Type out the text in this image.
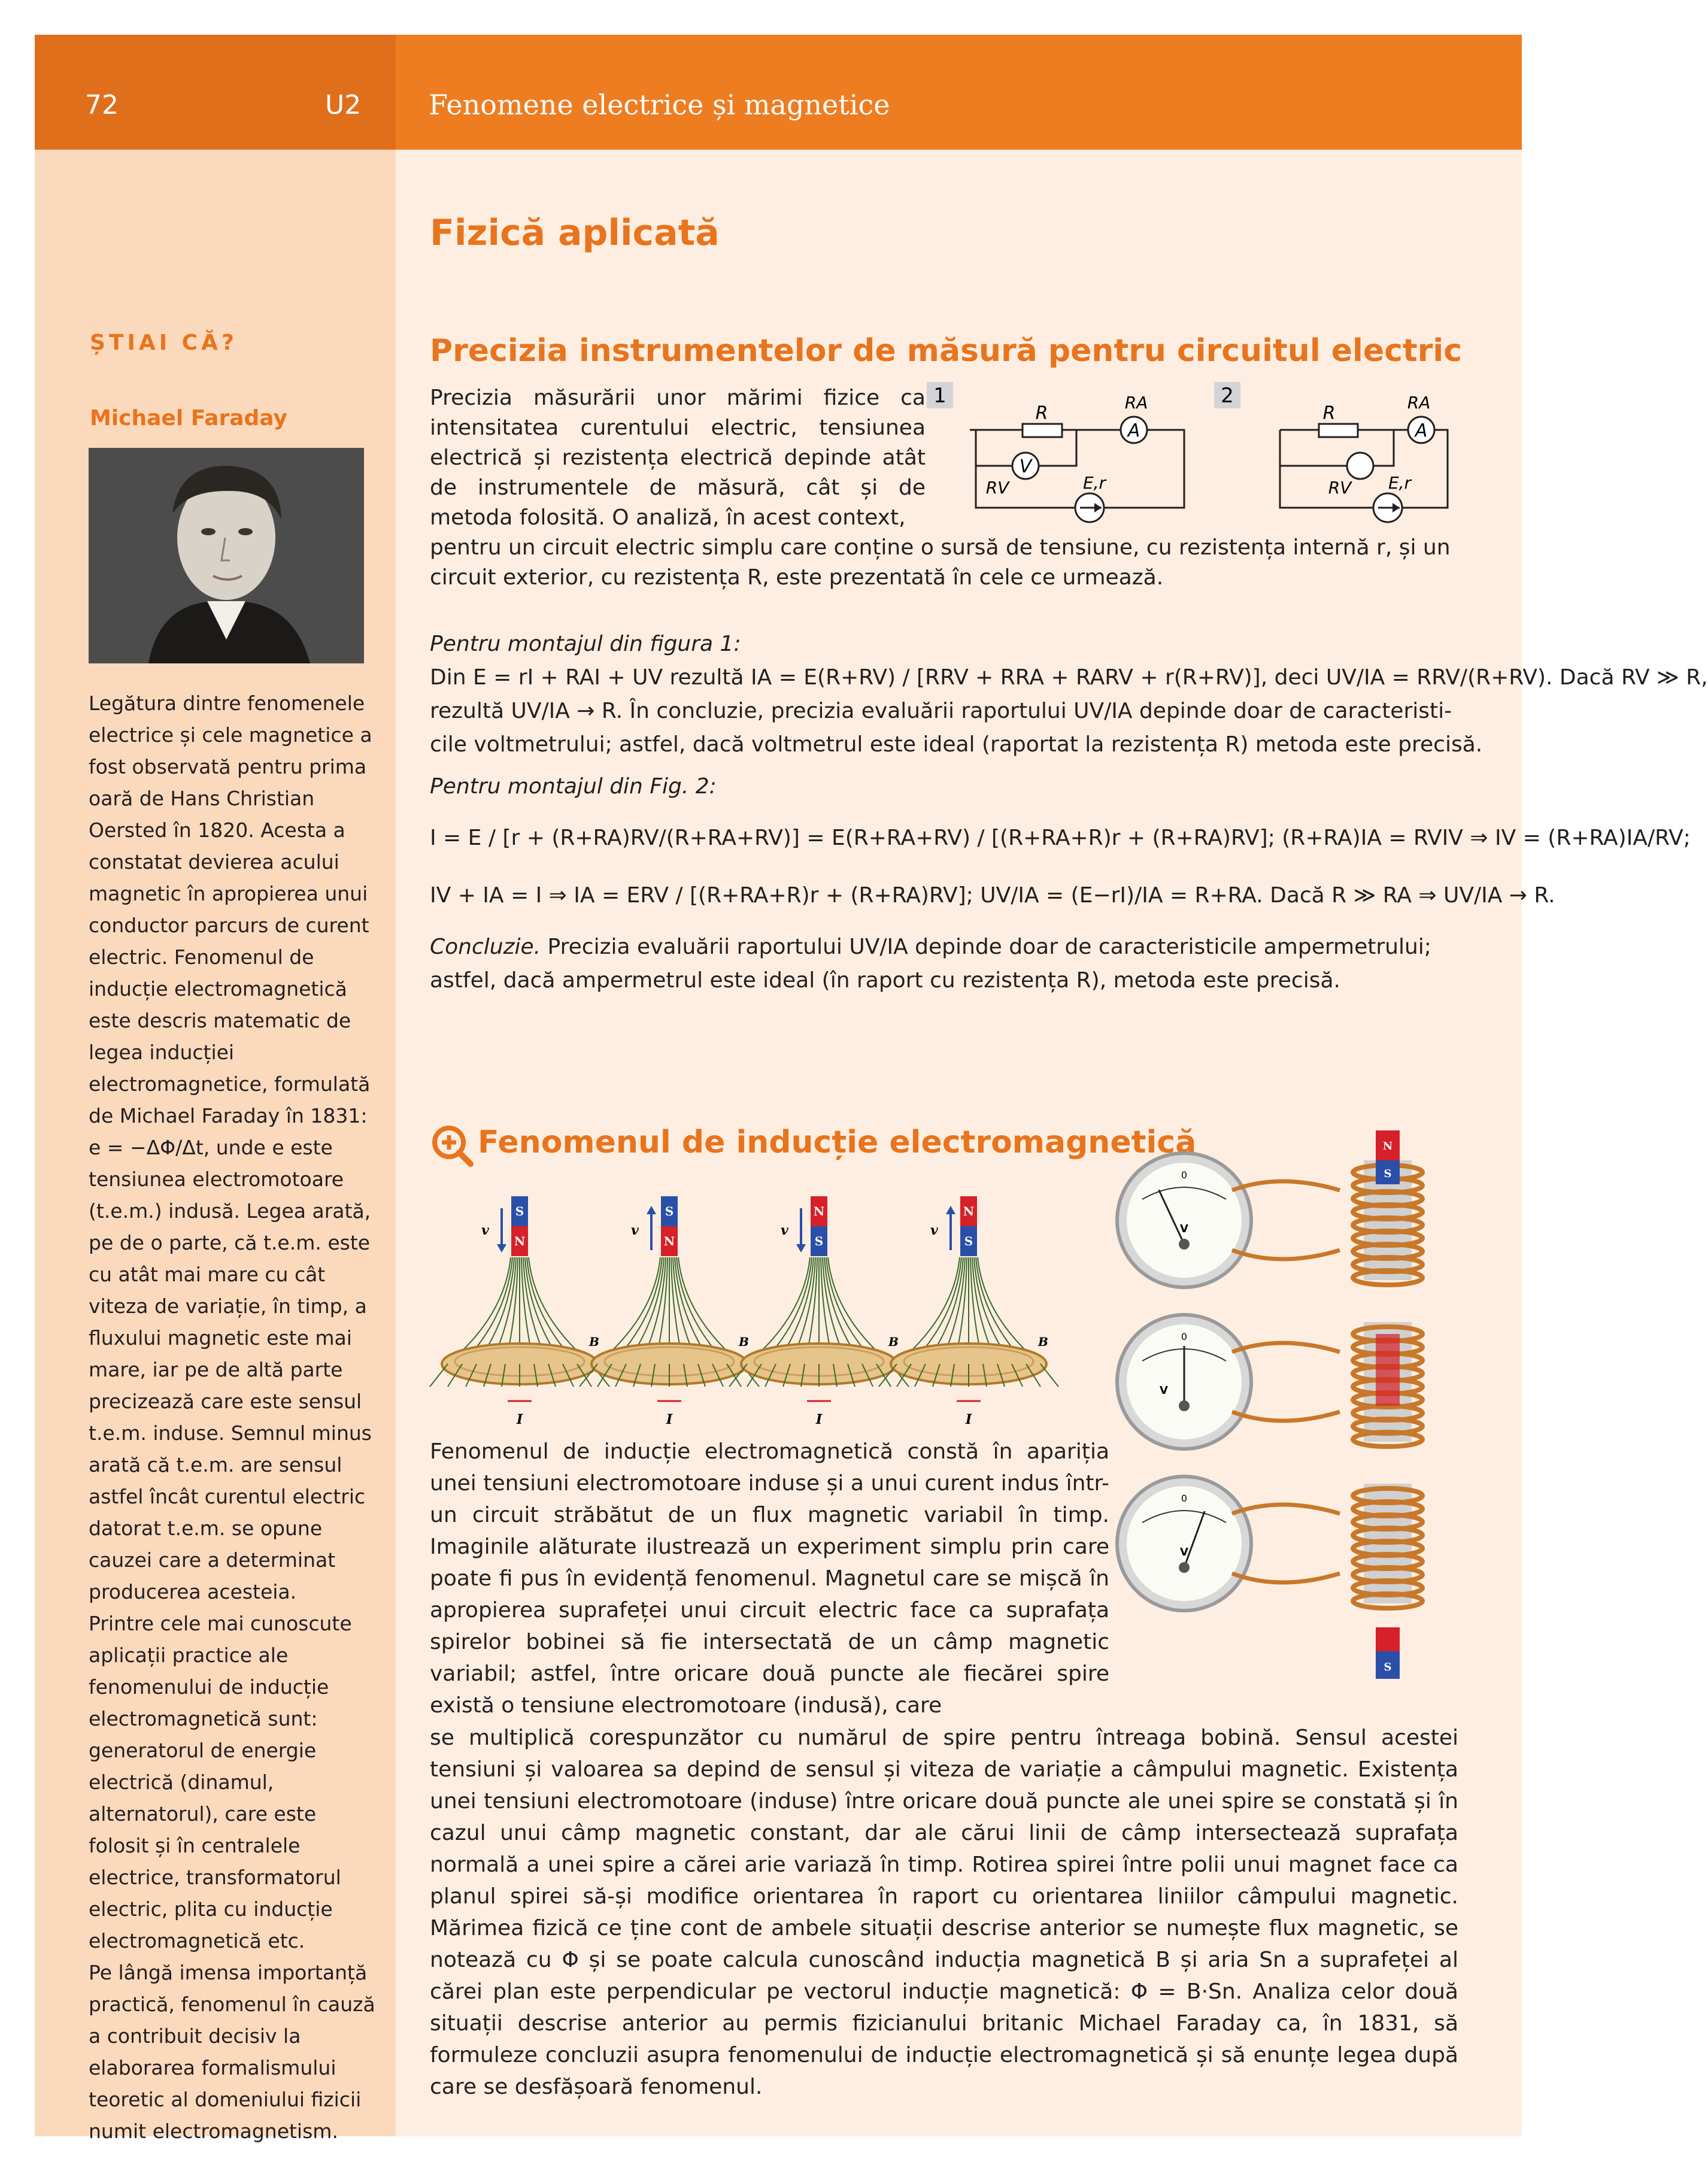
72	U2 Fenomene electrice și magnetice
Fizică aplicată
ȘTIAI CĂ?
Michael Faraday

Legătura dintre fenomenele electrice și cele magnetice a fost observată pentru prima oară de Hans Christian Oersted în 1820. Acesta a constatat devierea acului magnetic în apropierea unui conductor parcurs de curent electric. Fenomenul de inducție electromagnetică este descris matematic de legea inducției electromagnetice, formulată de Michael Faraday în 1831: e = −ΔΦ/Δt, unde e este tensiunea electromotoare (t.e.m.) indusă. Legea arată, pe de o parte, că t.e.m. este cu atât mai mare cu cât viteza de variație, în timp, a fluxului magnetic este mai mare, iar pe de altă parte precizează care este sensul t.e.m. induse. Semnul minus arată că t.e.m. are sensul astfel încât curentul electric datorat t.e.m. se opune cauzei care a determinat producerea acesteia.

Printre cele mai cunoscute aplicații practice ale fenomenului de inducție electromagnetică sunt: generatorul de energie electrică (dinamul, alternatorul), care este folosit și în centralele electrice, transformatorul electric, plita cu inducție electromagnetică etc.

Pe lângă imensa importanță practică, fenomenul în cauză a contribuit decisiv la elaborarea formalismului teoretic al domeniului fizicii numit electromagnetism.

Precizia instrumentelor de măsură pentru circuitul electric
Precizia măsurării unor mărimi fizice ca intensitatea curentului electric, tensiunea electrică și rezistența electrică depinde atât de instrumentele de măsură, cât și de metoda folosită. O analiză, în acest context,
1
R
RA
A
V
RV	E,r
2
R
RA
A
RV E,r
pentru un circuit electric simplu care conține o sursă de tensiune, cu rezistența internă r, și un circuit exterior, cu rezistența R, este prezentată în cele ce urmează.
Pentru montajul din figura 1:
Din E = rI + RAI + UV rezultă IA = E(R+RV) / [RRV + RRA + RARV + r(R+RV)], deci UV/IA = RRV/(R+RV). Dacă RV ≫ R,
rezultă UV/IA → R. În concluzie, precizia evaluării raportului UV/IA depinde doar de caracteristi-
cile voltmetrului; astfel, dacă voltmetrul este ideal (raportat la rezistența R) metoda este precisă.
Pentru montajul din Fig. 2:
I = E / [r + (R+RA)RV/(R+RA+RV)] = E(R+RA+RV) / [(R+RA+R)r + (R+RA)RV]; (R+RA)IA = RVIV ⇒ IV = (R+RA)IA/RV;
IV + IA = I ⇒ IA = ERV / [(R+RA+R)r + (R+RA)RV]; UV/IA = (E−rI)/IA = R+RA. Dacă R ≫ RA ⇒ UV/IA → R.
Concluzie. Precizia evaluării raportului UV/IA depinde doar de caracteristicile ampermetrului;
astfel, dacă ampermetrul este ideal (în raport cu rezistența R), metoda este precisă.
Fenomenul de inducție electromagnetică
S
N
v
B
I
S
N
v
B
I
N
S
v
B
I
N
S
v
B
I
0
V
0
V
0
V
N
S
S
Fenomenul de inducție electromagnetică constă în apariția unei tensiuni electromotoare induse și a unui curent indus într-un circuit străbătut de un flux magnetic variabil în timp. Imaginile alăturate ilustrează un experiment simplu prin care poate fi pus în evidență fenomenul. Magnetul care se mișcă în apropierea suprafeței unui circuit electric face ca suprafața spirelor bobinei să fie intersectată de un câmp magnetic variabil; astfel, între oricare două puncte ale fiecărei spire există o tensiune electromotoare (indusă), care
se multiplică corespunzător cu numărul de spire pentru întreaga bobină. Sensul acestei tensiuni și valoarea sa depind de sensul și viteza de variație a câmpului magnetic. Existența unei tensiuni electromotoare (induse) între oricare două puncte ale unei spire se constată și în cazul unui câmp magnetic constant, dar ale cărui linii de câmp intersectează suprafața normală a unei spire a cărei arie variază în timp. Rotirea spirei între polii unui magnet face ca planul spirei să-și modifice orientarea în raport cu orientarea liniilor câmpului magnetic. Mărimea fizică ce ține cont de ambele situații descrise anterior se numește flux magnetic, se notează cu Φ și se poate calcula cunoscând inducția magnetică B și aria Sn a suprafeței al cărei plan este perpendicular pe vectorul inducție magnetică: Φ = B·Sn. Analiza celor două situații descrise anterior au permis fizicianului britanic Michael Faraday ca, în 1831, să formuleze concluzii asupra fenomenului de inducție electromagnetică și să enunțe legea după care se desfășoară fenomenul.
